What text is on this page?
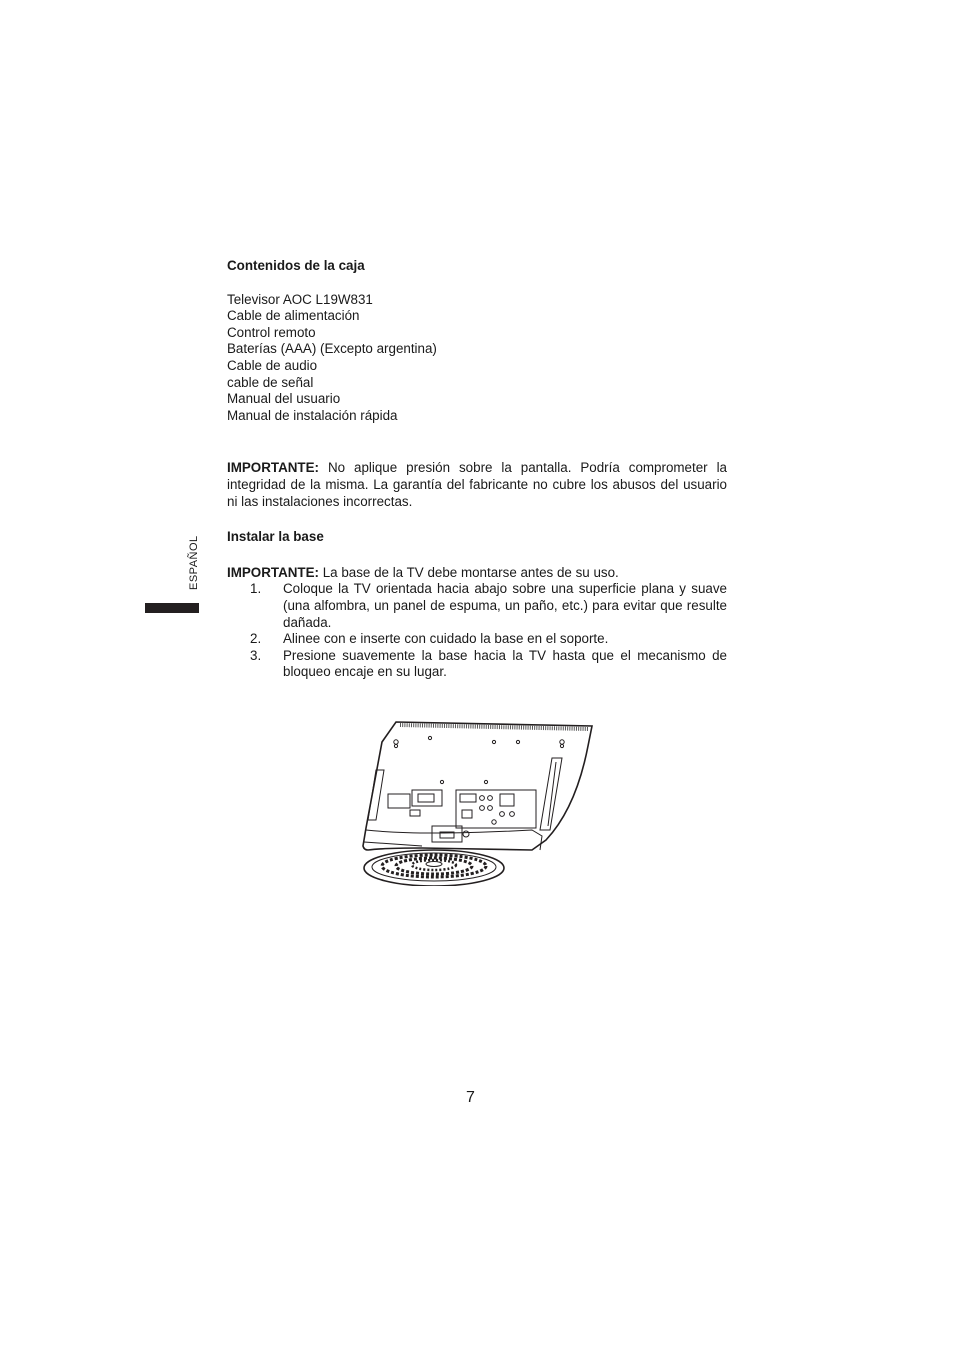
ESPAÑOL

Contenidos de la caja

Televisor AOC L19W831
Cable de alimentación
Control remoto
Baterías (AAA) (Excepto argentina)
Cable de audio
cable de señal
Manual del usuario
Manual de instalación rápida

IMPORTANTE: No aplique presión sobre la pantalla. Podría comprometer la integridad de la misma. La garantía del fabricante no cubre los abusos del usuario ni las instalaciones incorrectas.

Instalar la base

IMPORTANTE: La base de la TV debe montarse antes de su uso.

1. Coloque la TV orientada hacia abajo sobre una superficie plana y suave (una alfombra, un panel de espuma, un paño, etc.) para evitar que resulte dañada.
2. Alinee con e inserte con cuidado la base en el soporte.
3. Presione suavemente la base hacia la TV hasta que el mecanismo de bloqueo encaje en su lugar.
7
